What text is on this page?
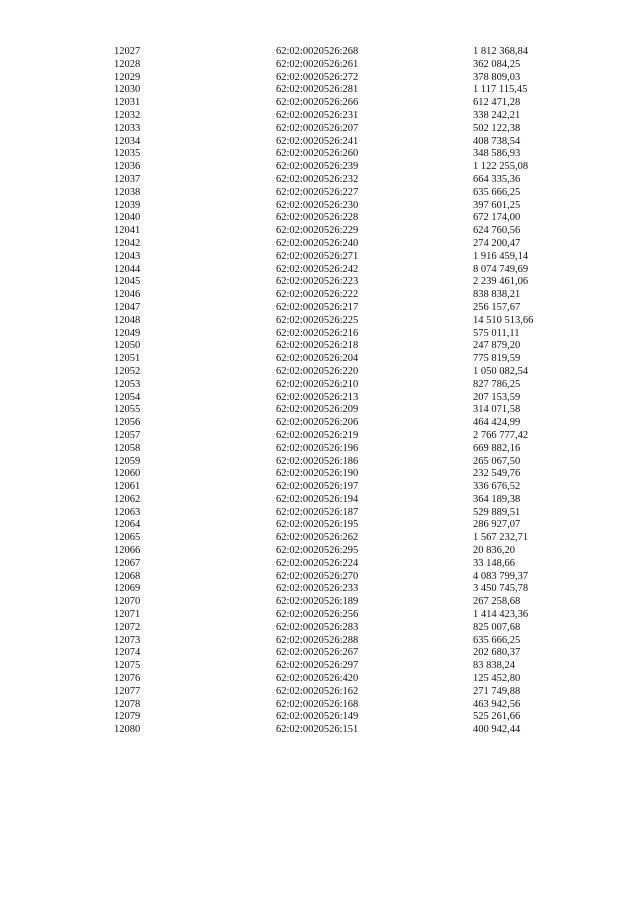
12027	62:02:0020526:268	1 812 368,84
12028	62:02:0020526:261	362 084,25
12029	62:02:0020526:272	378 809,03
12030	62:02:0020526:281	1 117 115,45
12031	62:02:0020526:266	612 471,28
12032	62:02:0020526:231	338 242,21
12033	62:02:0020526:207	502 122,38
12034	62:02:0020526:241	408 738,54
12035	62:02:0020526:260	348 586,93
12036	62:02:0020526:239	1 122 255,08
12037	62:02:0020526:232	664 335,36
12038	62:02:0020526:227	635 666,25
12039	62:02:0020526:230	397 601,25
12040	62:02:0020526:228	672 174,00
12041	62:02:0020526:229	624 760,56
12042	62:02:0020526:240	274 200,47
12043	62:02:0020526:271	1 916 459,14
12044	62:02:0020526:242	8 074 749,69
12045	62:02:0020526:223	2 239 461,06
12046	62:02:0020526:222	838 838,21
12047	62:02:0020526:217	256 157,67
12048	62:02:0020526:225	14 510 513,66
12049	62:02:0020526:216	575 011,11
12050	62:02:0020526:218	247 879,20
12051	62:02:0020526:204	775 819,59
12052	62:02:0020526:220	1 050 082,54
12053	62:02:0020526:210	827 786,25
12054	62:02:0020526:213	207 153,59
12055	62:02:0020526:209	314 071,58
12056	62:02:0020526:206	464 424,99
12057	62:02:0020526:219	2 766 777,42
12058	62:02:0020526:196	669 882,16
12059	62:02:0020526:186	265 067,50
12060	62:02:0020526:190	232 549,76
12061	62:02:0020526:197	336 676,52
12062	62:02:0020526:194	364 189,38
12063	62:02:0020526:187	529 889,51
12064	62:02:0020526:195	286 927,07
12065	62:02:0020526:262	1 567 232,71
12066	62:02:0020526:295	20 836,20
12067	62:02:0020526:224	33 148,66
12068	62:02:0020526:270	4 083 799,37
12069	62:02:0020526:233	3 450 745,78
12070	62:02:0020526:189	267 258,68
12071	62:02:0020526:256	1 414 423,36
12072	62:02:0020526:283	825 007,68
12073	62:02:0020526:288	635 666,25
12074	62:02:0020526:267	202 680,37
12075	62:02:0020526:297	83 838,24
12076	62:02:0020526:420	125 452,80
12077	62:02:0020526:162	271 749,88
12078	62:02:0020526:168	463 942,56
12079	62:02:0020526:149	525 261,66
12080	62:02:0020526:151	400 942,44
